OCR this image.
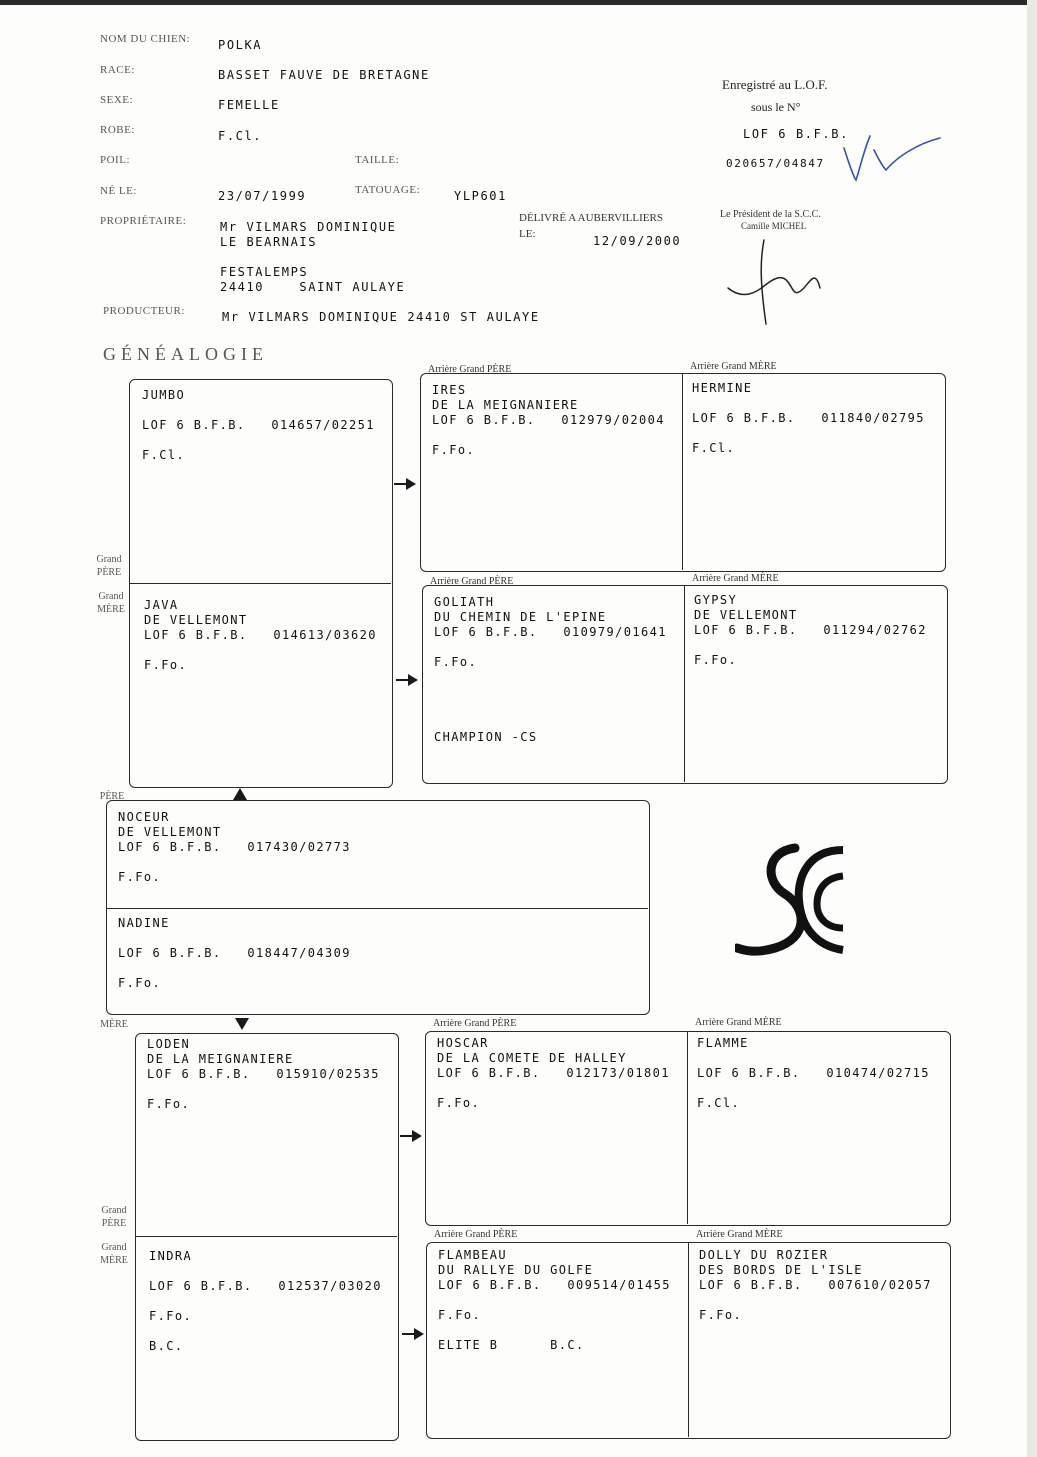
NOM DU CHIEN: POLKA
RACE:	BASSET FAUVE DE BRETAGNE
SEXE:	FEMELLE
ROBE:	F.Cl.
POIL:	TAILLE:
NÉ LE:	23/07/1999	TATOUAGE:	YLP601
PROPRIÉTAIRE:	Mr VILMARS DOMINIQUE
LE BEARNAIS
FESTALEMPS
24410    SAINT AULAYE
DÉLIVRÉ A AUBERVILLIERS
LE:	12/09/2000
PRODUCTEUR:	Mr VILMARS DOMINIQUE 24410 ST AULAYE
Enregistré au L.O.F.
sous le N°
LOF 6 B.F.B.
020657/04847
Le Président de la S.C.C.
Camille MICHEL
GÉNÉALOGIE
Arrière Grand PÈRE	Arrière Grand MÈRE
JUMBO
LOF 6 B.F.B.   014657/02251
F.Cl.
JAVA
DE VELLEMONT
LOF 6 B.F.B.   014613/03620
F.Fo.
Grand
PÈRE
Grand
MÈRE
IRES
DE LA MEIGNANIERE
LOF 6 B.F.B.   012979/02004
F.Fo.
HERMINE
LOF 6 B.F.B.   011840/02795
F.Cl.
Arrière Grand PÈRE	Arrière Grand MÈRE
GOLIATH
DU CHEMIN DE L'EPINE
LOF 6 B.F.B.   010979/01641
F.Fo.
CHAMPION -CS
GYPSY
DE VELLEMONT
LOF 6 B.F.B.   011294/02762
F.Fo.
PÈRE
NOCEUR
DE VELLEMONT
LOF 6 B.F.B.   017430/02773
F.Fo.
NADINE
LOF 6 B.F.B.   018447/04309
F.Fo.
MÈRE	Arrière Grand PÈRE	Arrière Grand MÈRE
LODEN
DE LA MEIGNANIERE
LOF 6 B.F.B.   015910/02535
F.Fo.
INDRA
LOF 6 B.F.B.   012537/03020
F.Fo.
B.C.
Grand
PÈRE
Grand
MÈRE
HOSCAR
DE LA COMETE DE HALLEY
LOF 6 B.F.B.   012173/01801
F.Fo.
FLAMME
LOF 6 B.F.B.   010474/02715
F.Cl.
Arrière Grand PÈRE	Arrière Grand MÈRE
FLAMBEAU
DU RALLYE DU GOLFE
LOF 6 B.F.B.   009514/01455
F.Fo.
ELITE B      B.C.
DOLLY DU ROZIER
DES BORDS DE L'ISLE
LOF 6 B.F.B.   007610/02057
F.Fo.
